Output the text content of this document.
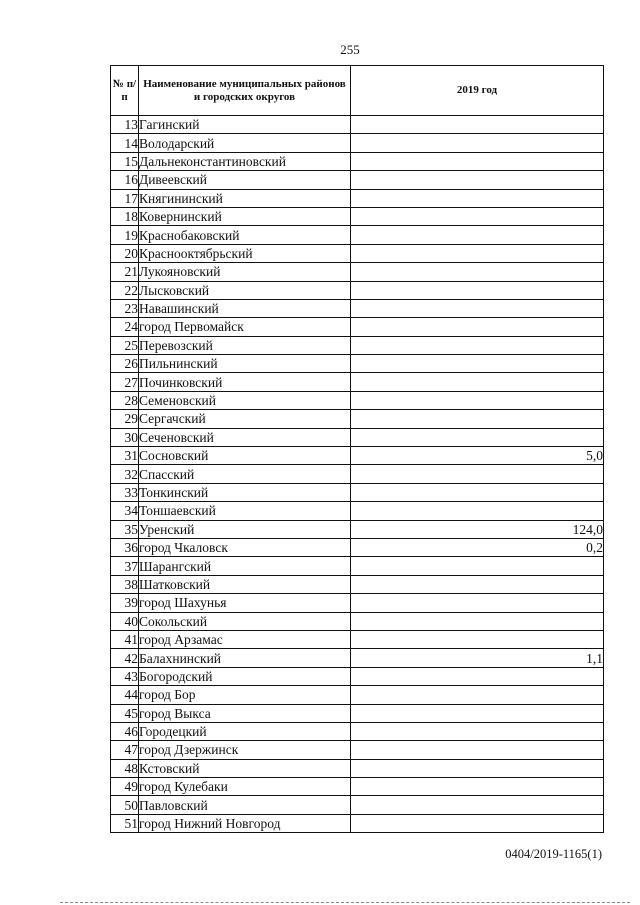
255
№ п/п	Наименование муниципальных районов и городских округов	2019 год
13	Гагинский	
14	Володарский	
15	Дальнеконстантиновский	
16	Дивеевский	
17	Княгининский	
18	Ковернинский	
19	Краснобаковский	
20	Краснооктябрьский	
21	Лукояновский	
22	Лысковский	
23	Навашинский	
24	город Первомайск	
25	Перевозский	
26	Пильнинский	
27	Починковский	
28	Семеновский	
29	Сергачский	
30	Сеченовский	
31	Сосновский	5,0
32	Спасский	
33	Тонкинский	
34	Тоншаевский	
35	Уренский	124,0
36	город Чкаловск	0,2
37	Шарангский	
38	Шатковский	
39	город Шахунья	
40	Сокольский	
41	город Арзамас	
42	Балахнинский	1,1
43	Богородский	
44	город Бор	
45	город Выкса	
46	Городецкий	
47	город Дзержинск	
48	Кстовский	
49	город Кулебаки	
50	Павловский	
51	город Нижний Новгород	
0404/2019-1165(1)
